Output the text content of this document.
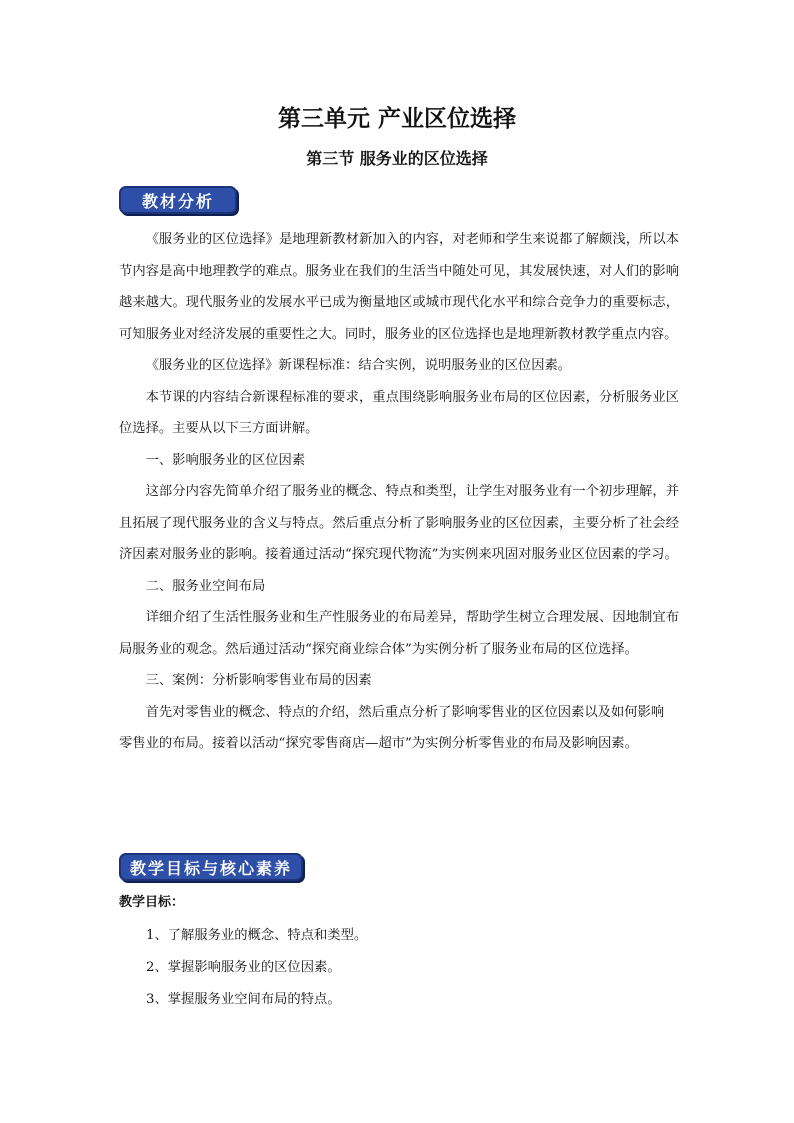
第三单元 产业区位选择
第三节 服务业的区位选择
教材分析

《服务业的区位选择》是地理新教材新加入的内容，对老师和学生来说都了解颇浅，所以本节内容是高中地理教学的难点。服务业在我们的生活当中随处可见，其发展快速，对人们的影响越来越大。现代服务业的发展水平已成为衡量地区或城市现代化水平和综合竞争力的重要标志，可知服务业对经济发展的重要性之大。同时，服务业的区位选择也是地理新教材教学重点内容。

《服务业的区位选择》新课程标准：结合实例，说明服务业的区位因素。

本节课的内容结合新课程标准的要求，重点围绕影响服务业布局的区位因素，分析服务业区位选择。主要从以下三方面讲解。

一、影响服务业的区位因素

这部分内容先简单介绍了服务业的概念、特点和类型，让学生对服务业有一个初步理解，并且拓展了现代服务业的含义与特点。然后重点分析了影响服务业的区位因素，主要分析了社会经济因素对服务业的影响。接着通过活动“探究现代物流”为实例来巩固对服务业区位因素的学习。

二、服务业空间布局

详细介绍了生活性服务业和生产性服务业的布局差异，帮助学生树立合理发展、因地制宜布局服务业的观念。然后通过活动“探究商业综合体”为实例分析了服务业布局的区位选择。

三、案例：分析影响零售业布局的因素

首先对零售业的概念、特点的介绍，然后重点分析了影响零售业的区位因素以及如何影响

零售业的布局。接着以活动“探究零售商店—超市”为实例分析零售业的布局及影响因素。

教学目标与核心素养

教学目标：

1、了解服务业的概念、特点和类型。
2、掌握影响服务业的区位因素。
3、掌握服务业空间布局的特点。
